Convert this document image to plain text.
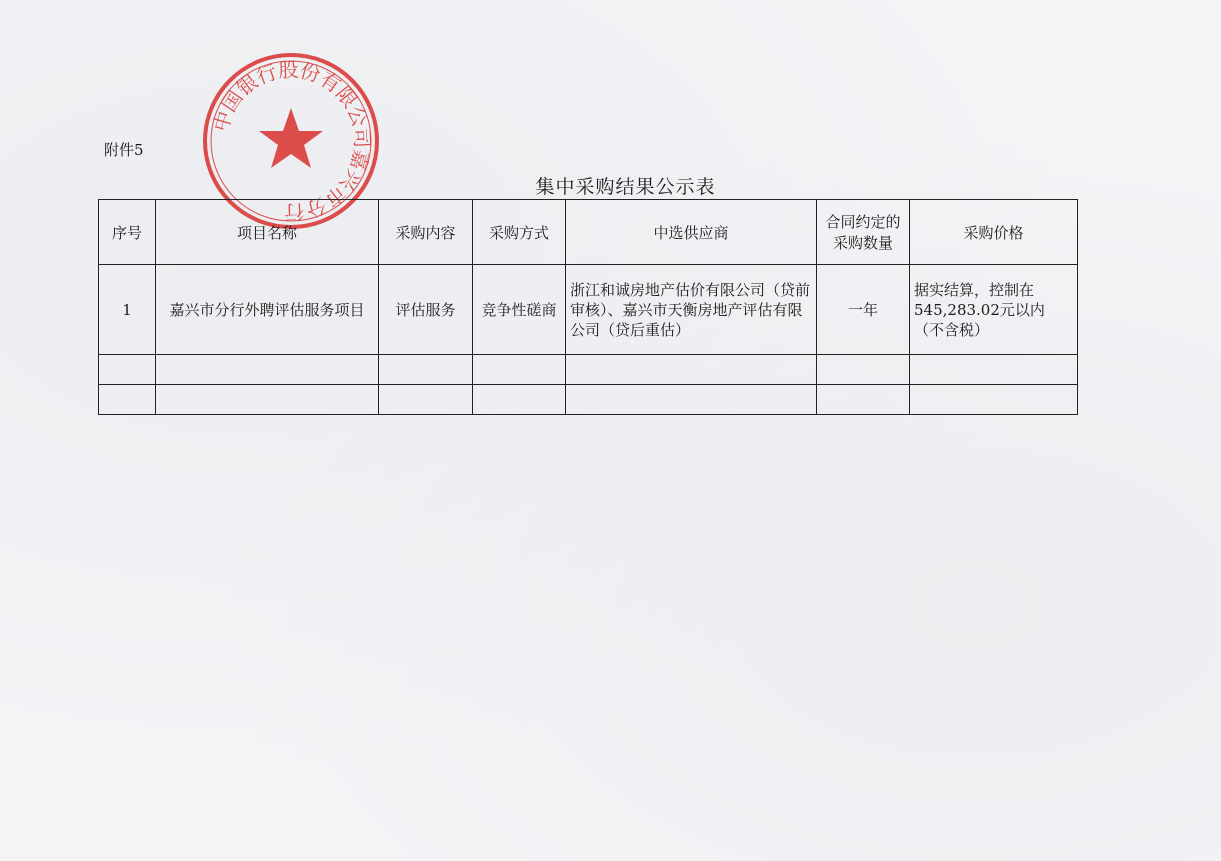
中国银行股份有限公司嘉兴市分行
附件5
集中采购结果公示表
序号	项目名称	采购内容	采购方式	中选供应商	合同约定的采购数量	采购价格
1	嘉兴市分行外聘评估服务项目	评估服务	竞争性磋商	浙江和诚房地产估价有限公司（贷前审核）、嘉兴市天衡房地产评估有限公司（贷后重估）	一年	据实结算，控制在545,283.02元以内（不含税）
